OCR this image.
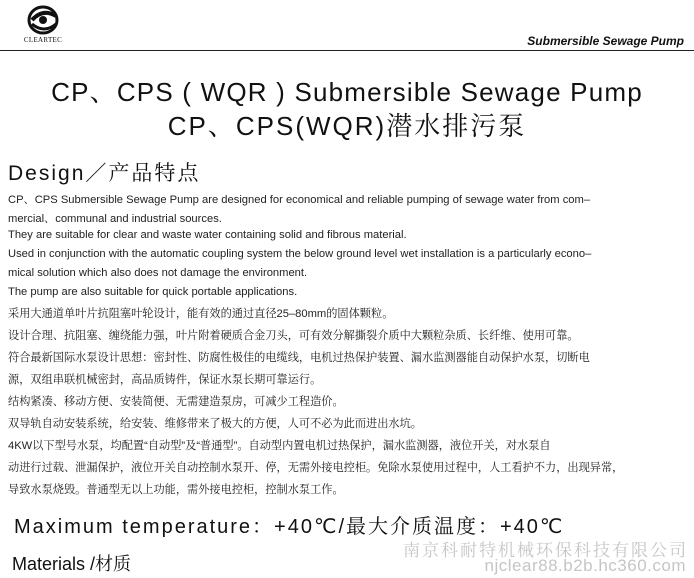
CLEARTEC	Submersible Sewage Pump
CP、CPS ( WQR ) Submersible Sewage Pump
CP、CPS(WQR)潜水排污泵
Design／产品特点
CP、CPS Submersible Sewage Pump are designed for economical and reliable pumping of sewage water from com–
mercial、communal and industrial sources.
They are suitable for clear and waste water containing solid and fibrous material.
Used in conjunction with the automatic coupling system the below ground level wet installation is a particularly econo–
mical solution which also does not damage the environment.
The pump are also suitable for quick portable applications.
采用大通道单叶片抗阻塞叶轮设计，能有效的通过直径25–80mm的固体颗粒。
设计合理、抗阻塞、缠绕能力强，叶片附着硬质合金刀头，可有效分解撕裂介质中大颗粒杂质、长纤维、使用可靠。
符合最新国际水泵设计思想：密封性、防腐性极佳的电缆线，电机过热保护装置、漏水监测器能自动保护水泵，切断电
源，双组串联机械密封，高品质铸件，保证水泵长期可靠运行。
结构紧凑、移动方便、安装简便、无需建造泵房，可减少工程造价。
双导轨自动安装系统，给安装、维修带来了极大的方便，人可不必为此而进出水坑。
4KW以下型号水泵，均配置“自动型”及“普通型”。自动型内置电机过热保护，漏水监测器，液位开关，对水泵自
动进行过载、泄漏保护，液位开关自动控制水泵开、停，无需外接电控柜。免除水泵使用过程中，人工看护不力，出现异常，
导致水泵烧毁。普通型无以上功能，需外接电控柜，控制水泵工作。
Maximum temperature：+40℃/最大介质温度：+40℃
Materials /材质
南京科耐特机械环保科技有限公司
njclear88.b2b.hc360.com
